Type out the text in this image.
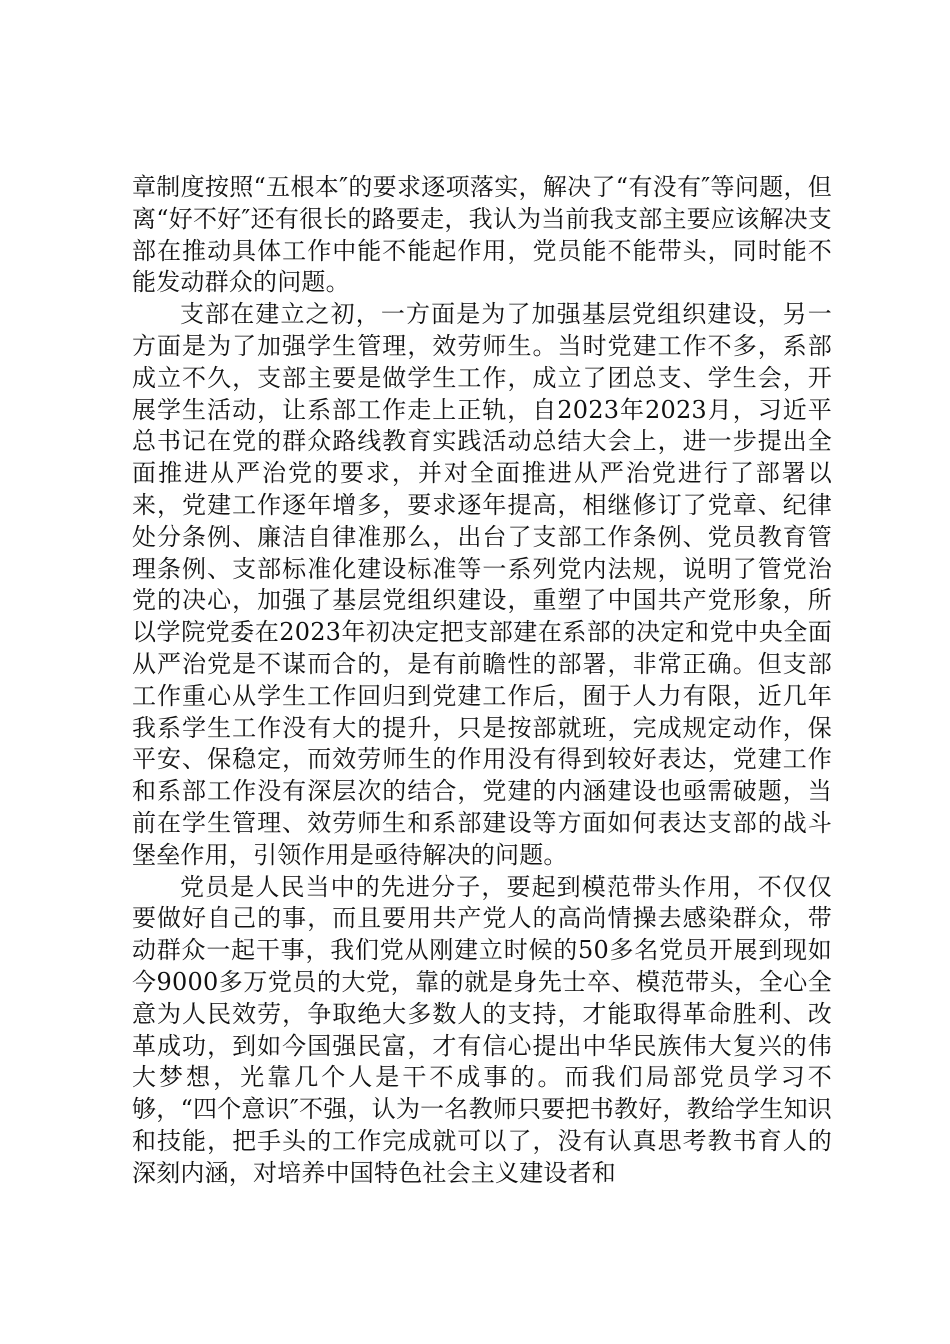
章制度按照“五根本″的要求逐项落实，解决了“有没有″等问题，但离“好不好″还有很长的路要走，我认为当前我支部主要应该解决支部在推动具体工作中能不能起作用，党员能不能带头，同时能不能发动群众的问题。

支部在建立之初，一方面是为了加强基层党组织建设，另一方面是为了加强学生管理，效劳师生。当时党建工作不多，系部成立不久，支部主要是做学生工作，成立了团总支、学生会，开展学生活动，让系部工作走上正轨，自2023年2023月，习近平总书记在党的群众路线教育实践活动总结大会上，进一步提出全面推进从严治党的要求，并对全面推进从严治党进行了部署以来，党建工作逐年增多，要求逐年提高，相继修订了党章、纪律处分条例、廉洁自律准那么，出台了支部工作条例、党员教育管理条例、支部标准化建设标准等一系列党内法规，说明了管党治党的决心，加强了基层党组织建设，重塑了中国共产党形象，所以学院党委在2023年初决定把支部建在系部的决定和党中央全面从严治党是不谋而合的，是有前瞻性的部署，非常正确。但支部工作重心从学生工作回归到党建工作后，囿于人力有限，近几年我系学生工作没有大的提升，只是按部就班，完成规定动作，保平安、保稳定，而效劳师生的作用没有得到较好表达，党建工作和系部工作没有深层次的结合，党建的内涵建设也亟需破题，当前在学生管理、效劳师生和系部建设等方面如何表达支部的战斗堡垒作用，引领作用是亟待解决的问题。

党员是人民当中的先进分子，要起到模范带头作用，不仅仅要做好自己的事，而且要用共产党人的高尚情操去感染群众，带动群众一起干事，我们党从刚建立时候的50多名党员开展到现如今9000多万党员的大党，靠的就是身先士卒、模范带头，全心全意为人民效劳，争取绝大多数人的支持，才能取得革命胜利、改革成功，到如今国强民富，才有信心提出中华民族伟大复兴的伟大梦想，光靠几个人是干不成事的。而我们局部党员学习不够，“四个意识″不强，认为一名教师只要把书教好，教给学生知识和技能，把手头的工作完成就可以了，没有认真思考教书育人的深刻内涵，对培养中国特色社会主义建设者和
